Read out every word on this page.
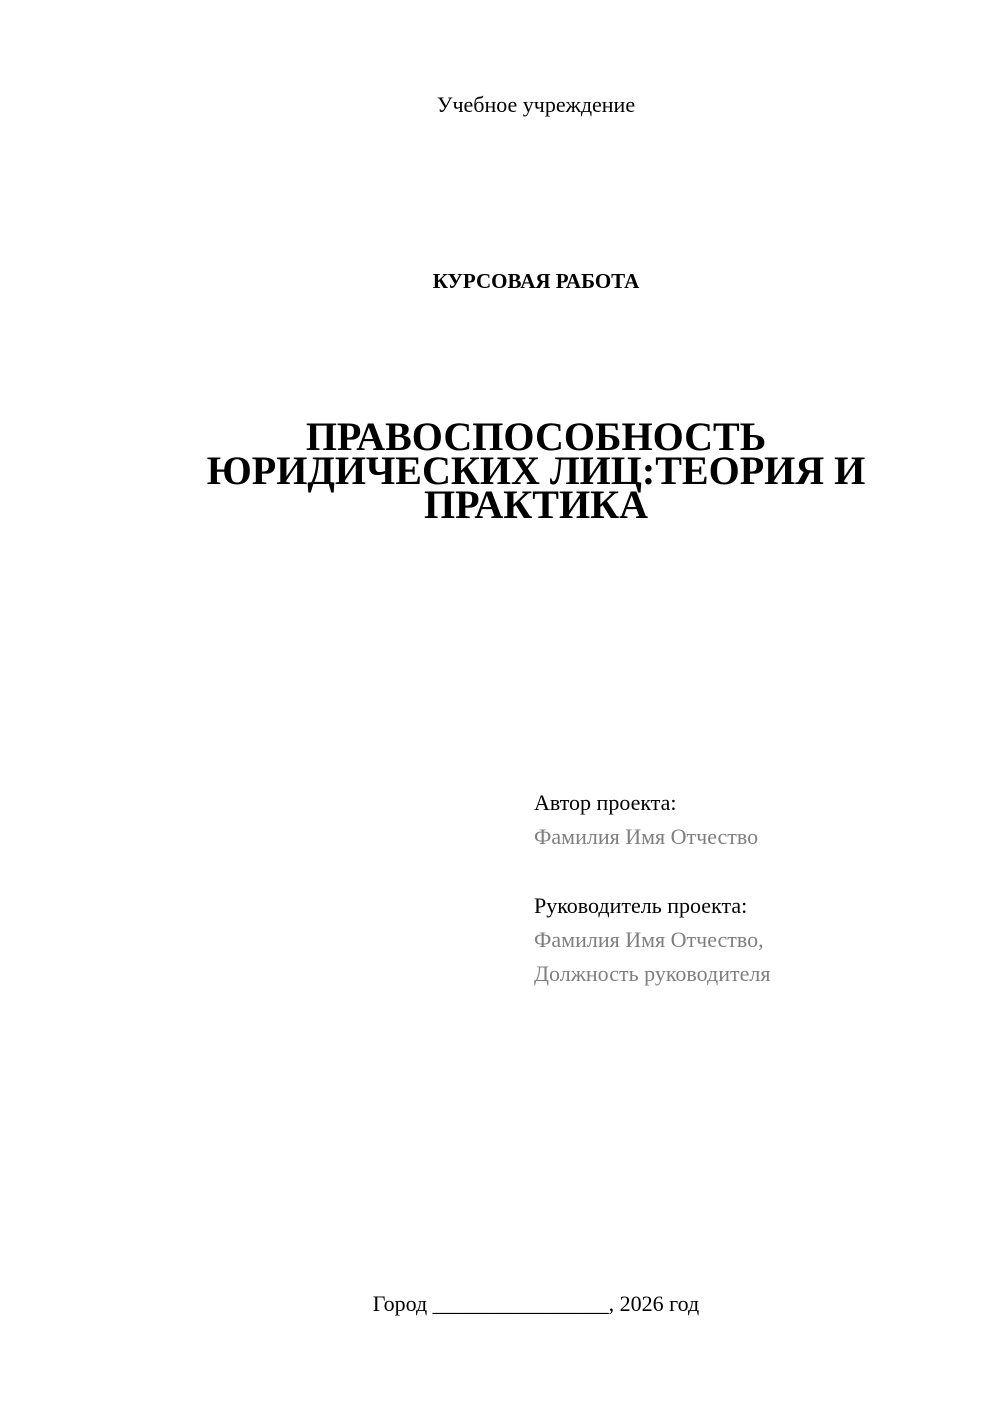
Учебное учреждение
КУРСОВАЯ РАБОТА
ПРАВОСПОСОБНОСТЬ
ЮРИДИЧЕСКИХ ЛИЦ:ТЕОРИЯ И
ПРАКТИКА
Автор проекта:
Фамилия Имя Отчество
Руководитель проекта:
Фамилия Имя Отчество,
Должность руководителя
Город ________________, 2026 год
